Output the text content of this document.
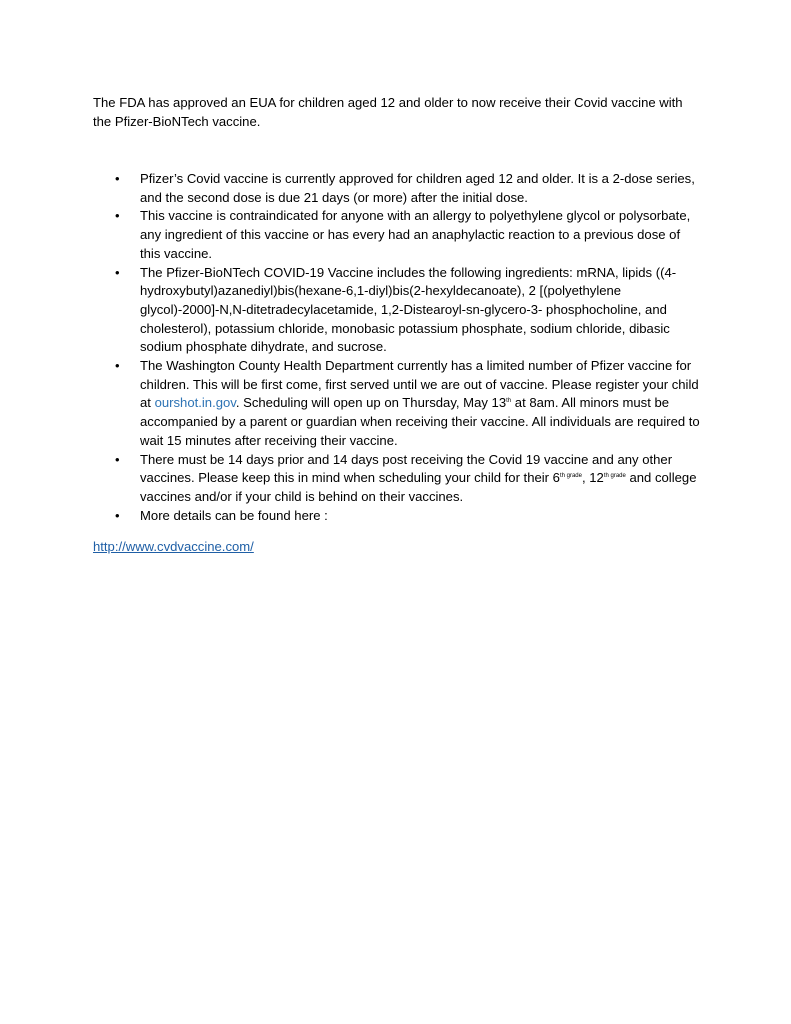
The FDA has approved an EUA for children aged 12 and older to now receive their Covid vaccine with the Pfizer-BioNTech vaccine.

• Pfizer’s Covid vaccine is currently approved for children aged 12 and older. It is a 2-dose series, and the second dose is due 21 days (or more) after the initial dose.
• This vaccine is contraindicated for anyone with an allergy to polyethylene glycol or polysorbate, any ingredient of this vaccine or has every had an anaphylactic reaction to a previous dose of this vaccine.
• The Pfizer-BioNTech COVID-19 Vaccine includes the following ingredients: mRNA, lipids ((4-hydroxybutyl)azanediyl)bis(hexane-6,1-diyl)bis(2-hexyldecanoate), 2 [(polyethylene glycol)-2000]-N,N-ditetradecylacetamide, 1,2-Distearoyl-sn-glycero-3- phosphocholine, and cholesterol), potassium chloride, monobasic potassium phosphate, sodium chloride, dibasic sodium phosphate dihydrate, and sucrose.
• The Washington County Health Department currently has a limited number of Pfizer vaccine for children. This will be first come, first served until we are out of vaccine. Please register your child at ourshot.in.gov. Scheduling will open up on Thursday, May 13th at 8am. All minors must be accompanied by a parent or guardian when receiving their vaccine. All individuals are required to wait 15 minutes after receiving their vaccine.
• There must be 14 days prior and 14 days post receiving the Covid 19 vaccine and any other vaccines. Please keep this in mind when scheduling your child for their $6^{th grade}$, $12^{th grade}$ and college vaccines and/or if your child is behind on their vaccines.
• More details can be found here :

http://www.cvdvaccine.com/
